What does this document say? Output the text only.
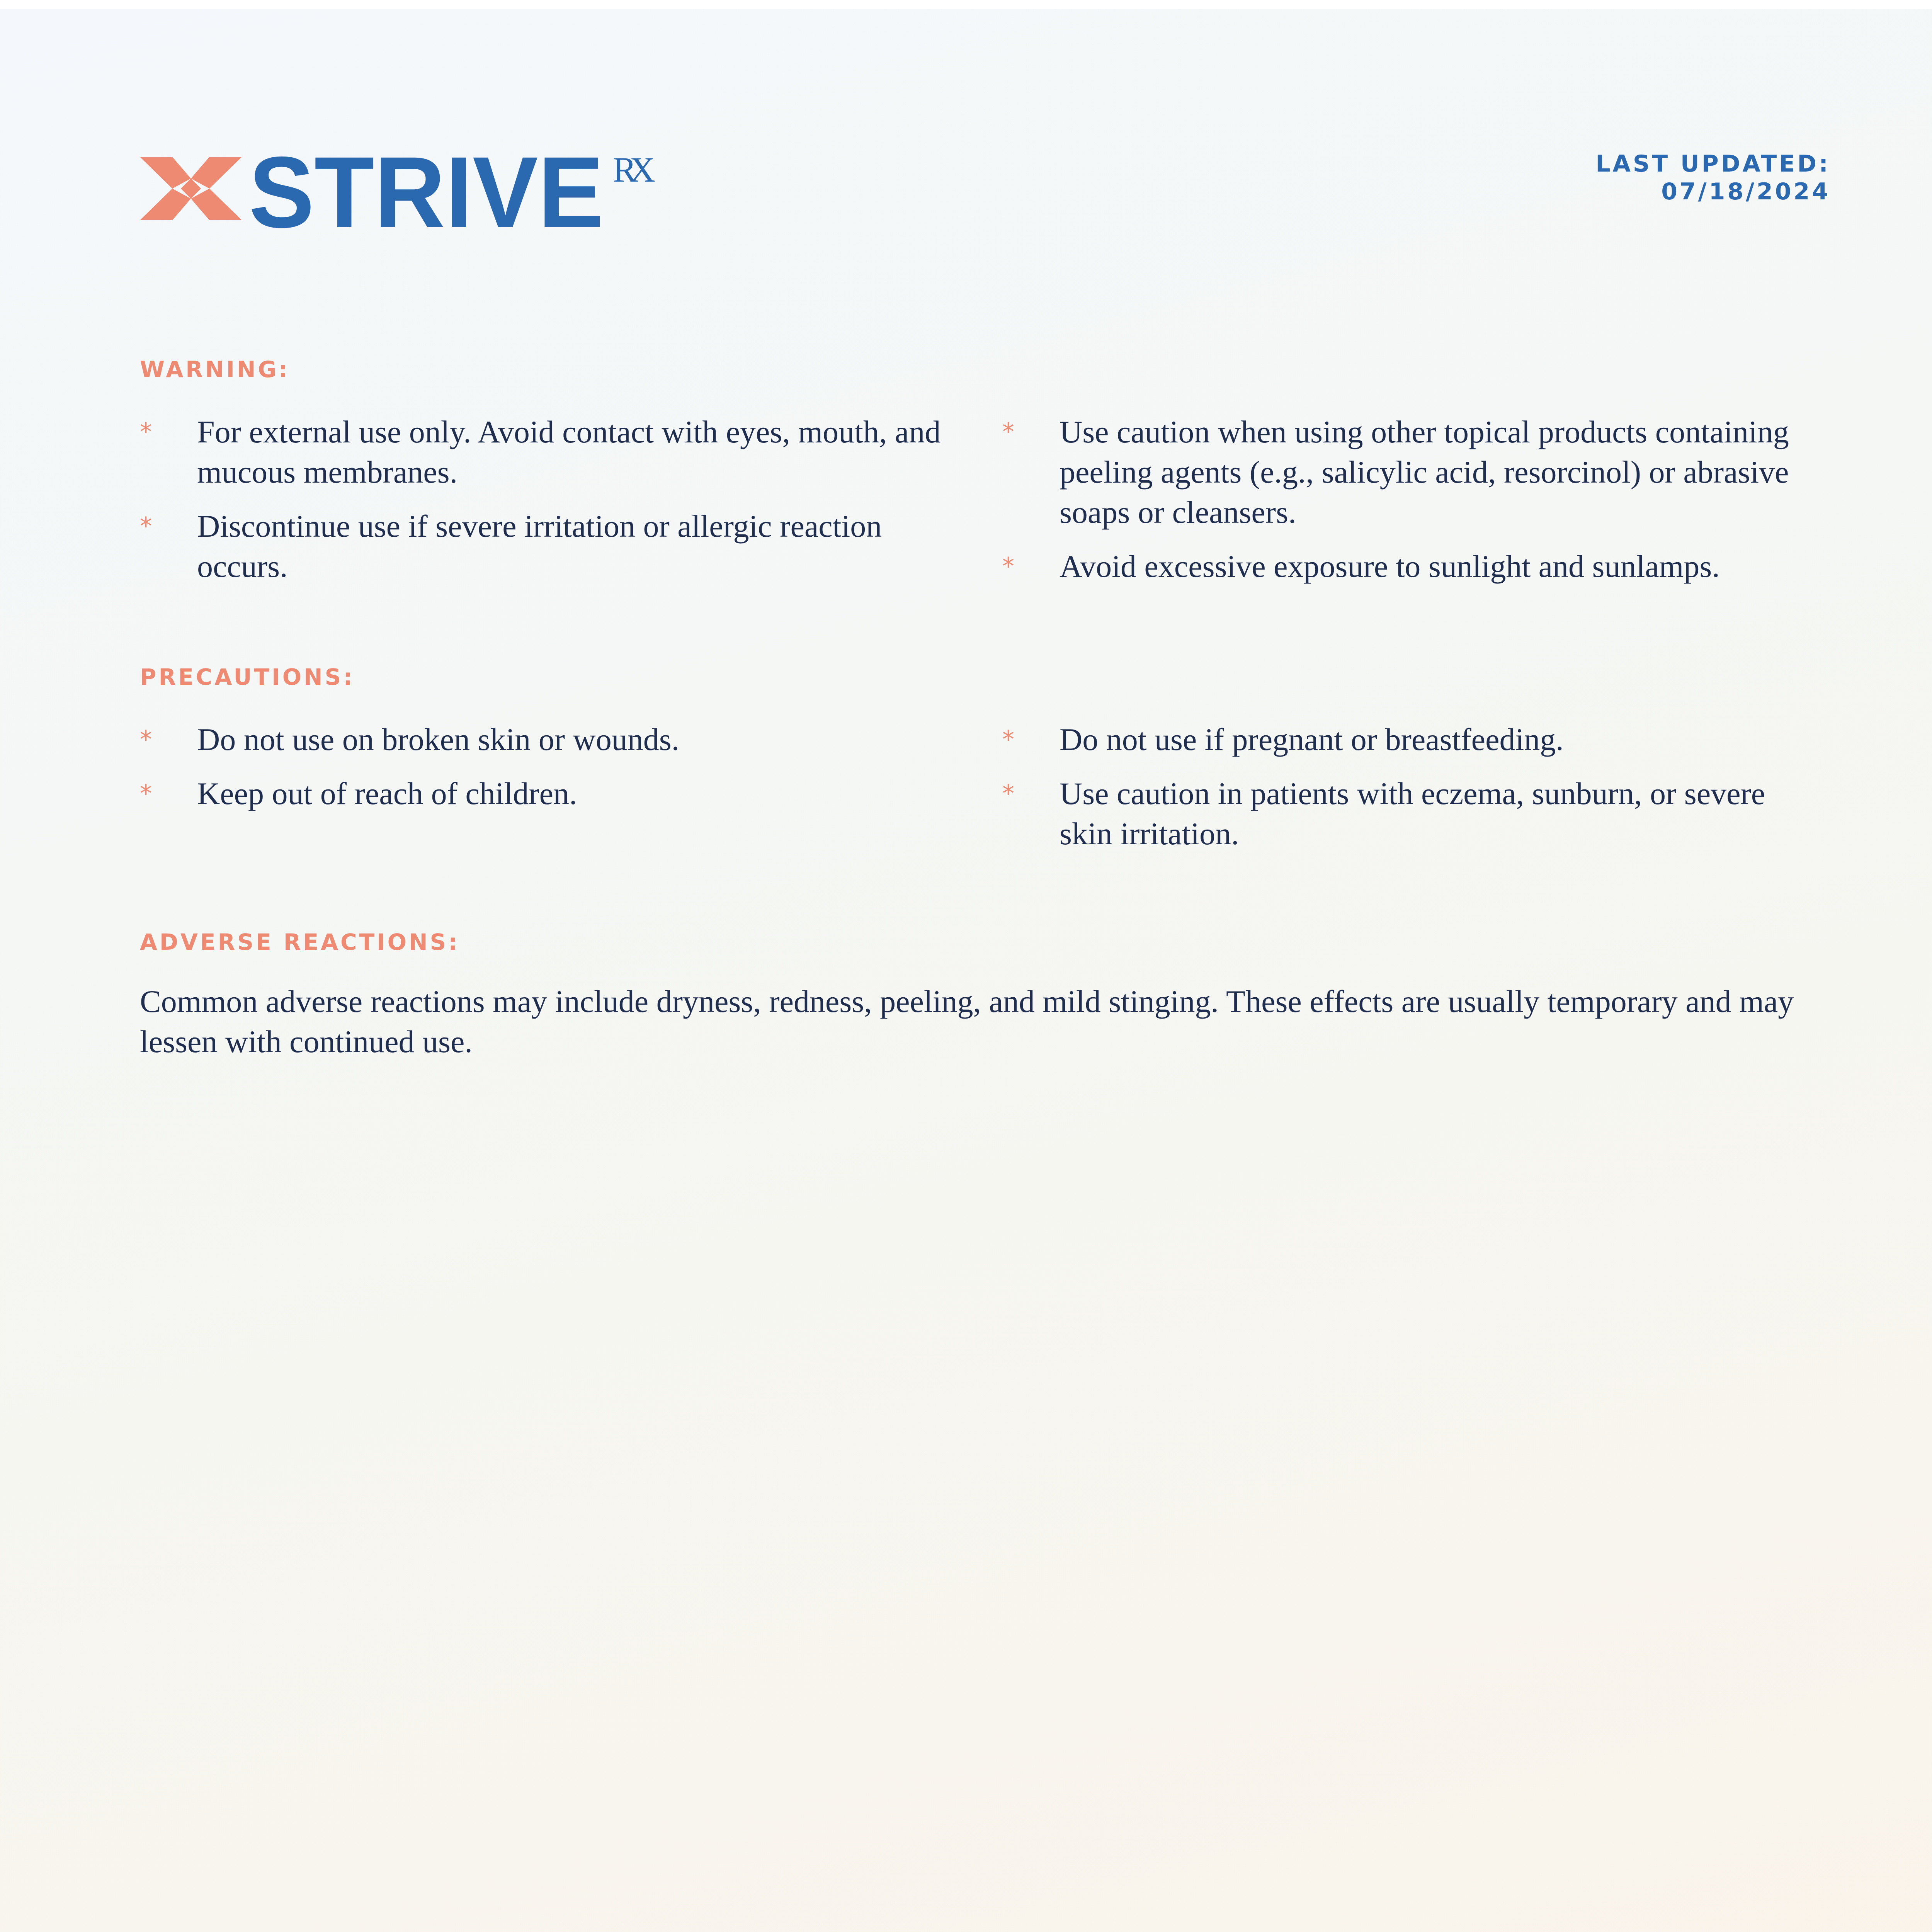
STRIVE RX	LAST UPDATED:
07/18/2024
WARNING:
*	For external use only. Avoid contact with eyes, mouth, and mucous membranes.
*	Discontinue use if severe irritation or allergic reaction occurs.
*	Use caution when using other topical products containing peeling agents (e.g., salicylic acid, resorcinol) or abrasive soaps or cleansers.
*	Avoid excessive exposure to sunlight and sunlamps.
PRECAUTIONS:
*	Do not use on broken skin or wounds.
*	Keep out of reach of children.
*	Do not use if pregnant or breastfeeding.
*	Use caution in patients with eczema, sunburn, or severe skin irritation.
ADVERSE REACTIONS:

Common adverse reactions may include dryness, redness, peeling, and mild stinging. These effects are usually temporary and may lessen with continued use.
